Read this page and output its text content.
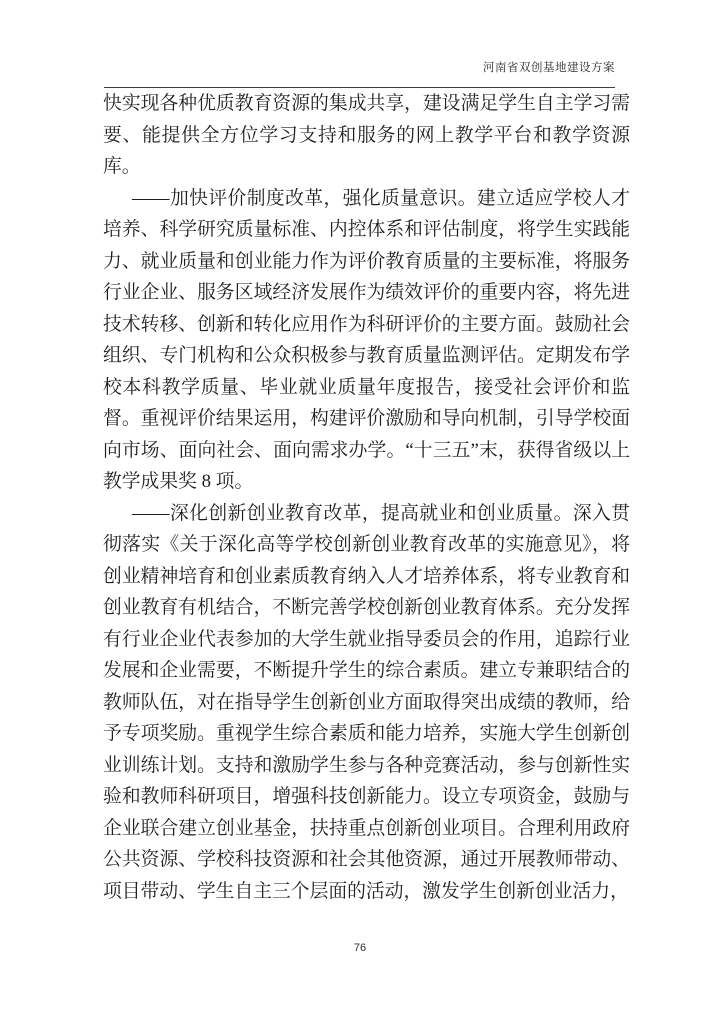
河南省双创基地建设方案

快实现各种优质教育资源的集成共享，建设满足学生自主学习需要、能提供全方位学习支持和服务的网上教学平台和教学资源库。

——加快评价制度改革，强化质量意识。建立适应学校人才培养、科学研究质量标准、内控体系和评估制度，将学生实践能力、就业质量和创业能力作为评价教育质量的主要标准，将服务行业企业、服务区域经济发展作为绩效评价的重要内容，将先进技术转移、创新和转化应用作为科研评价的主要方面。鼓励社会组织、专门机构和公众积极参与教育质量监测评估。定期发布学校本科教学质量、毕业就业质量年度报告，接受社会评价和监督。重视评价结果运用，构建评价激励和导向机制，引导学校面向市场、面向社会、面向需求办学。“十三五”末，获得省级以上教学成果奖 8 项。

——深化创新创业教育改革，提高就业和创业质量。深入贯彻落实《关于深化高等学校创新创业教育改革的实施意见》，将创业精神培育和创业素质教育纳入人才培养体系，将专业教育和创业教育有机结合，不断完善学校创新创业教育体系。充分发挥有行业企业代表参加的大学生就业指导委员会的作用，追踪行业发展和企业需要，不断提升学生的综合素质。建立专兼职结合的教师队伍，对在指导学生创新创业方面取得突出成绩的教师，给予专项奖励。重视学生综合素质和能力培养，实施大学生创新创业训练计划。支持和激励学生参与各种竞赛活动，参与创新性实验和教师科研项目，增强科技创新能力。设立专项资金，鼓励与企业联合建立创业基金，扶持重点创新创业项目。合理利用政府公共资源、学校科技资源和社会其他资源，通过开展教师带动、项目带动、学生自主三个层面的活动，激发学生创新创业活力，

76
